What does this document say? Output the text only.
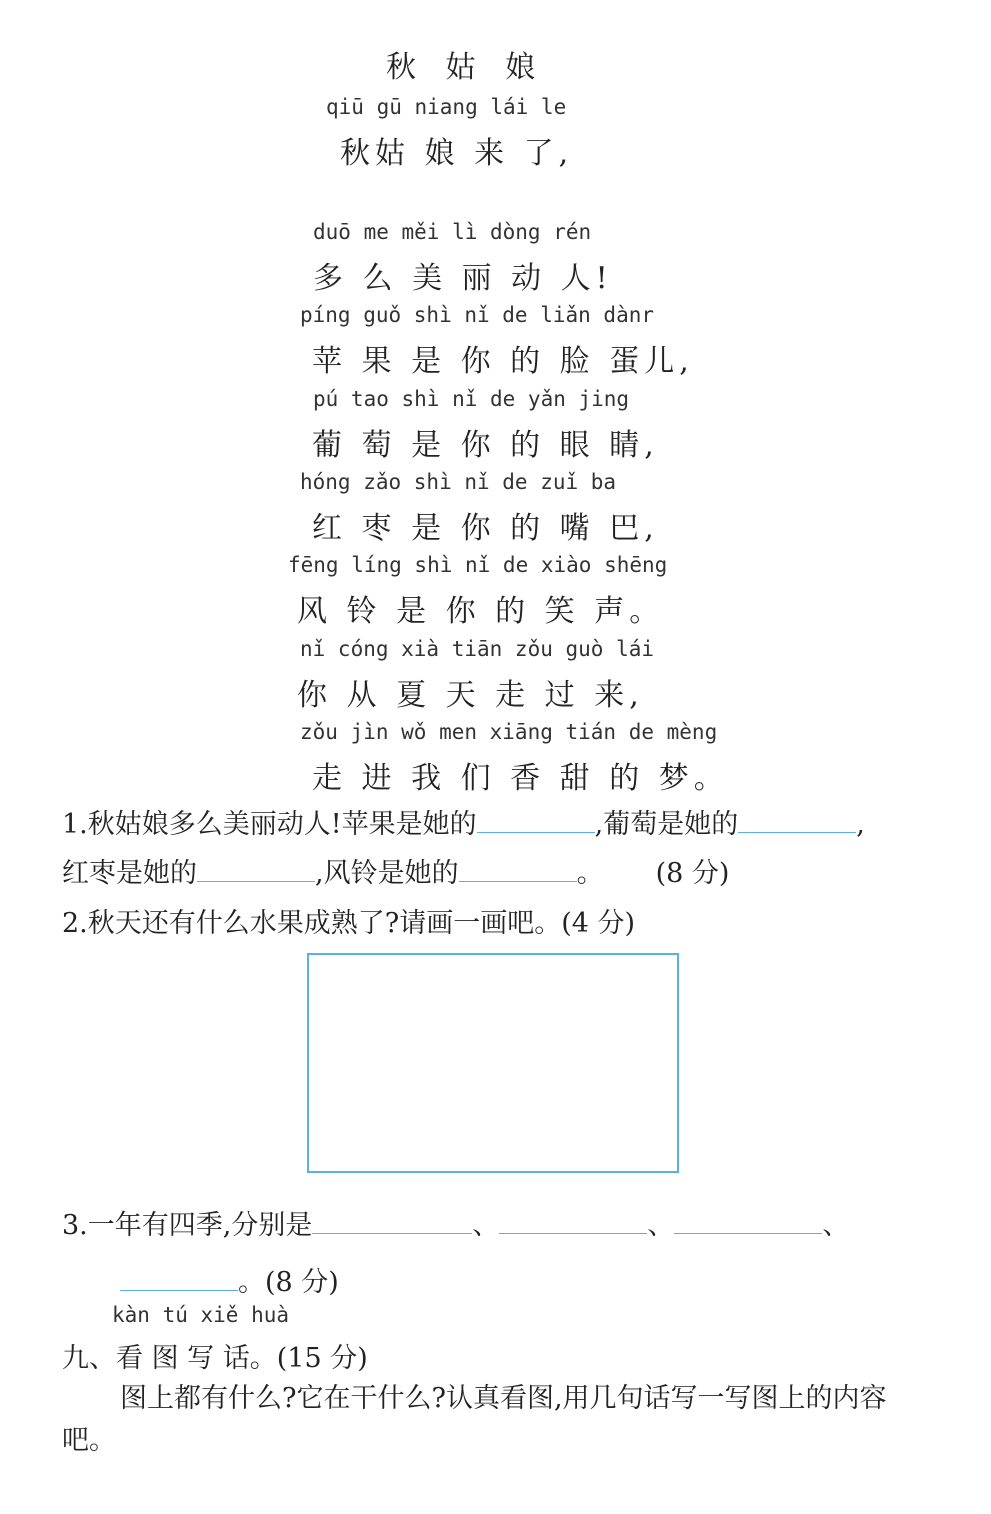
秋 姑 娘
qiū gū niang lái le
秋姑 娘 来 了,
duō me měi lì dòng rén
多 么 美 丽 动 人!
píng guǒ shì nǐ de liǎn dànr
苹 果 是 你 的 脸 蛋儿,
pú tao shì nǐ de yǎn jing
葡 萄 是 你 的 眼 睛,
hóng zǎo shì nǐ de zuǐ ba
红 枣 是 你 的 嘴 巴,
fēng líng shì nǐ de xiào shēng
风 铃 是 你 的 笑 声。
nǐ cóng xià tiān zǒu guò lái
你 从 夏 天 走 过 来,
zǒu jìn wǒ men xiāng tián de mèng
走 进 我 们 香 甜 的 梦。
1.秋姑娘多么美丽动人!苹果是她的	,葡萄是她的	,
红枣是她的	,风铃是她的	。 (8 分)
2.秋天还有什么水果成熟了?请画一画吧。(4 分)
3.一年有四季,分别是	、	、	、
。(8 分)
kàn tú xiě huà
九、看 图 写 话。(15 分)
图上都有什么?它在干什么?认真看图,用几句话写一写图上的内容吧。
